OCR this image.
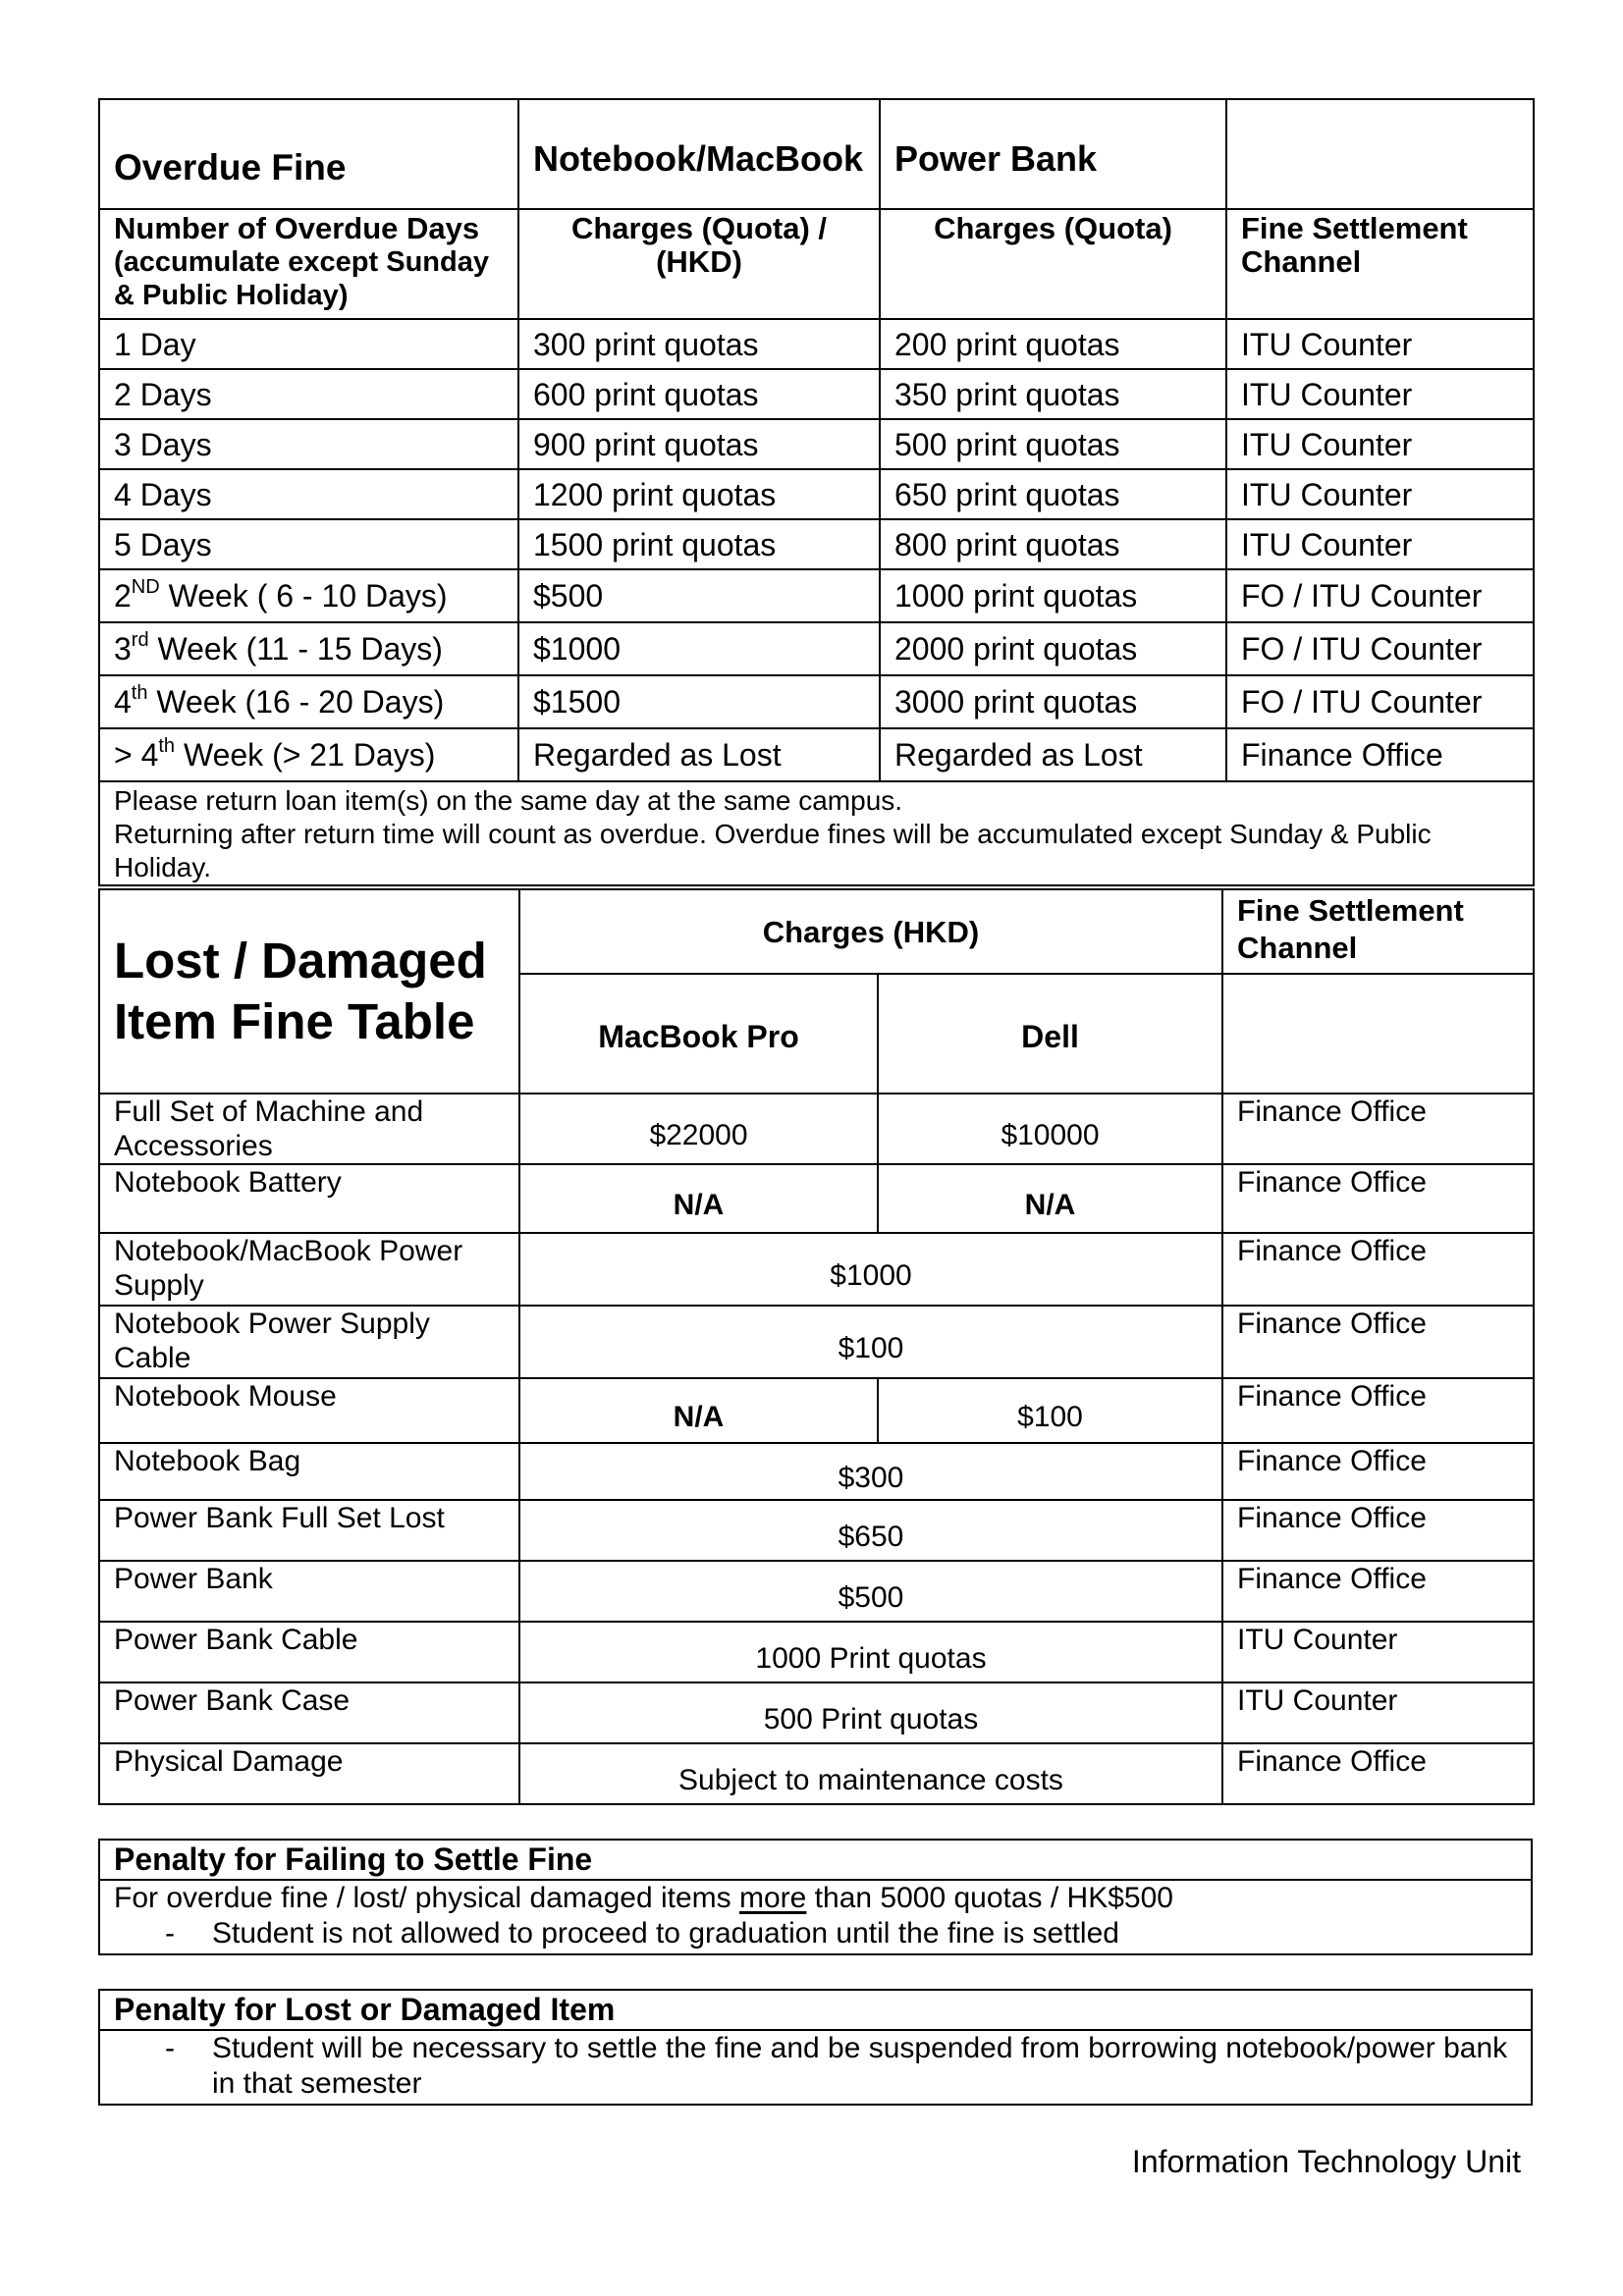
Overdue Fine	Notebook/MacBook	Power Bank	

Number of Overdue Days
(accumulate except Sunday & Public Holiday)	Charges (Quota) / (HKD)	Charges (Quota)	Fine Settlement Channel
1 Day	300 print quotas	200 print quotas	ITU Counter
2 Days	600 print quotas	350 print quotas	ITU Counter
3 Days	900 print quotas	500 print quotas	ITU Counter
4 Days	1200 print quotas	650 print quotas	ITU Counter
5 Days	1500 print quotas	800 print quotas	ITU Counter
2ND Week ( 6 - 10 Days)	$500	1000 print quotas	FO / ITU Counter
3rd Week (11 - 15 Days)	$1000	2000 print quotas	FO / ITU Counter
4th Week (16 - 20 Days)	$1500	3000 print quotas	FO / ITU Counter
> 4th Week (> 21 Days)	Regarded as Lost	Regarded as Lost	Finance Office

Please return loan item(s) on the same day at the same campus.
Returning after return time will count as overdue. Overdue fines will be accumulated except Sunday & Public Holiday.			
Lost / Damaged
Item Fine Table	Charges (HKD)		Fine Settlement Channel
	MacBook Pro	Dell	
Full Set of Machine and Accessories	$22000	$10000	Finance Office
Notebook Battery	N/A	N/A	Finance Office
Notebook/MacBook Power Supply	$1000		Finance Office
Notebook Power Supply Cable	$100		Finance Office
Notebook Mouse	N/A	$100	Finance Office
Notebook Bag	$300		Finance Office
Power Bank Full Set Lost	$650		Finance Office
Power Bank	$500		Finance Office
Power Bank Cable	1000 Print quotas		ITU Counter
Power Bank Case	500 Print quotas		ITU Counter
Physical Damage	Subject to maintenance costs		Finance Office
Penalty for Failing to Settle Fine
For overdue fine / lost/ physical damaged items more than 5000 quotas / HK$500
-	Student is not allowed to proceed to graduation until the fine is settled
Penalty for Lost or Damaged Item
-	Student will be necessary to settle the fine and be suspended from borrowing notebook/power bank in that semester
Information Technology Unit
